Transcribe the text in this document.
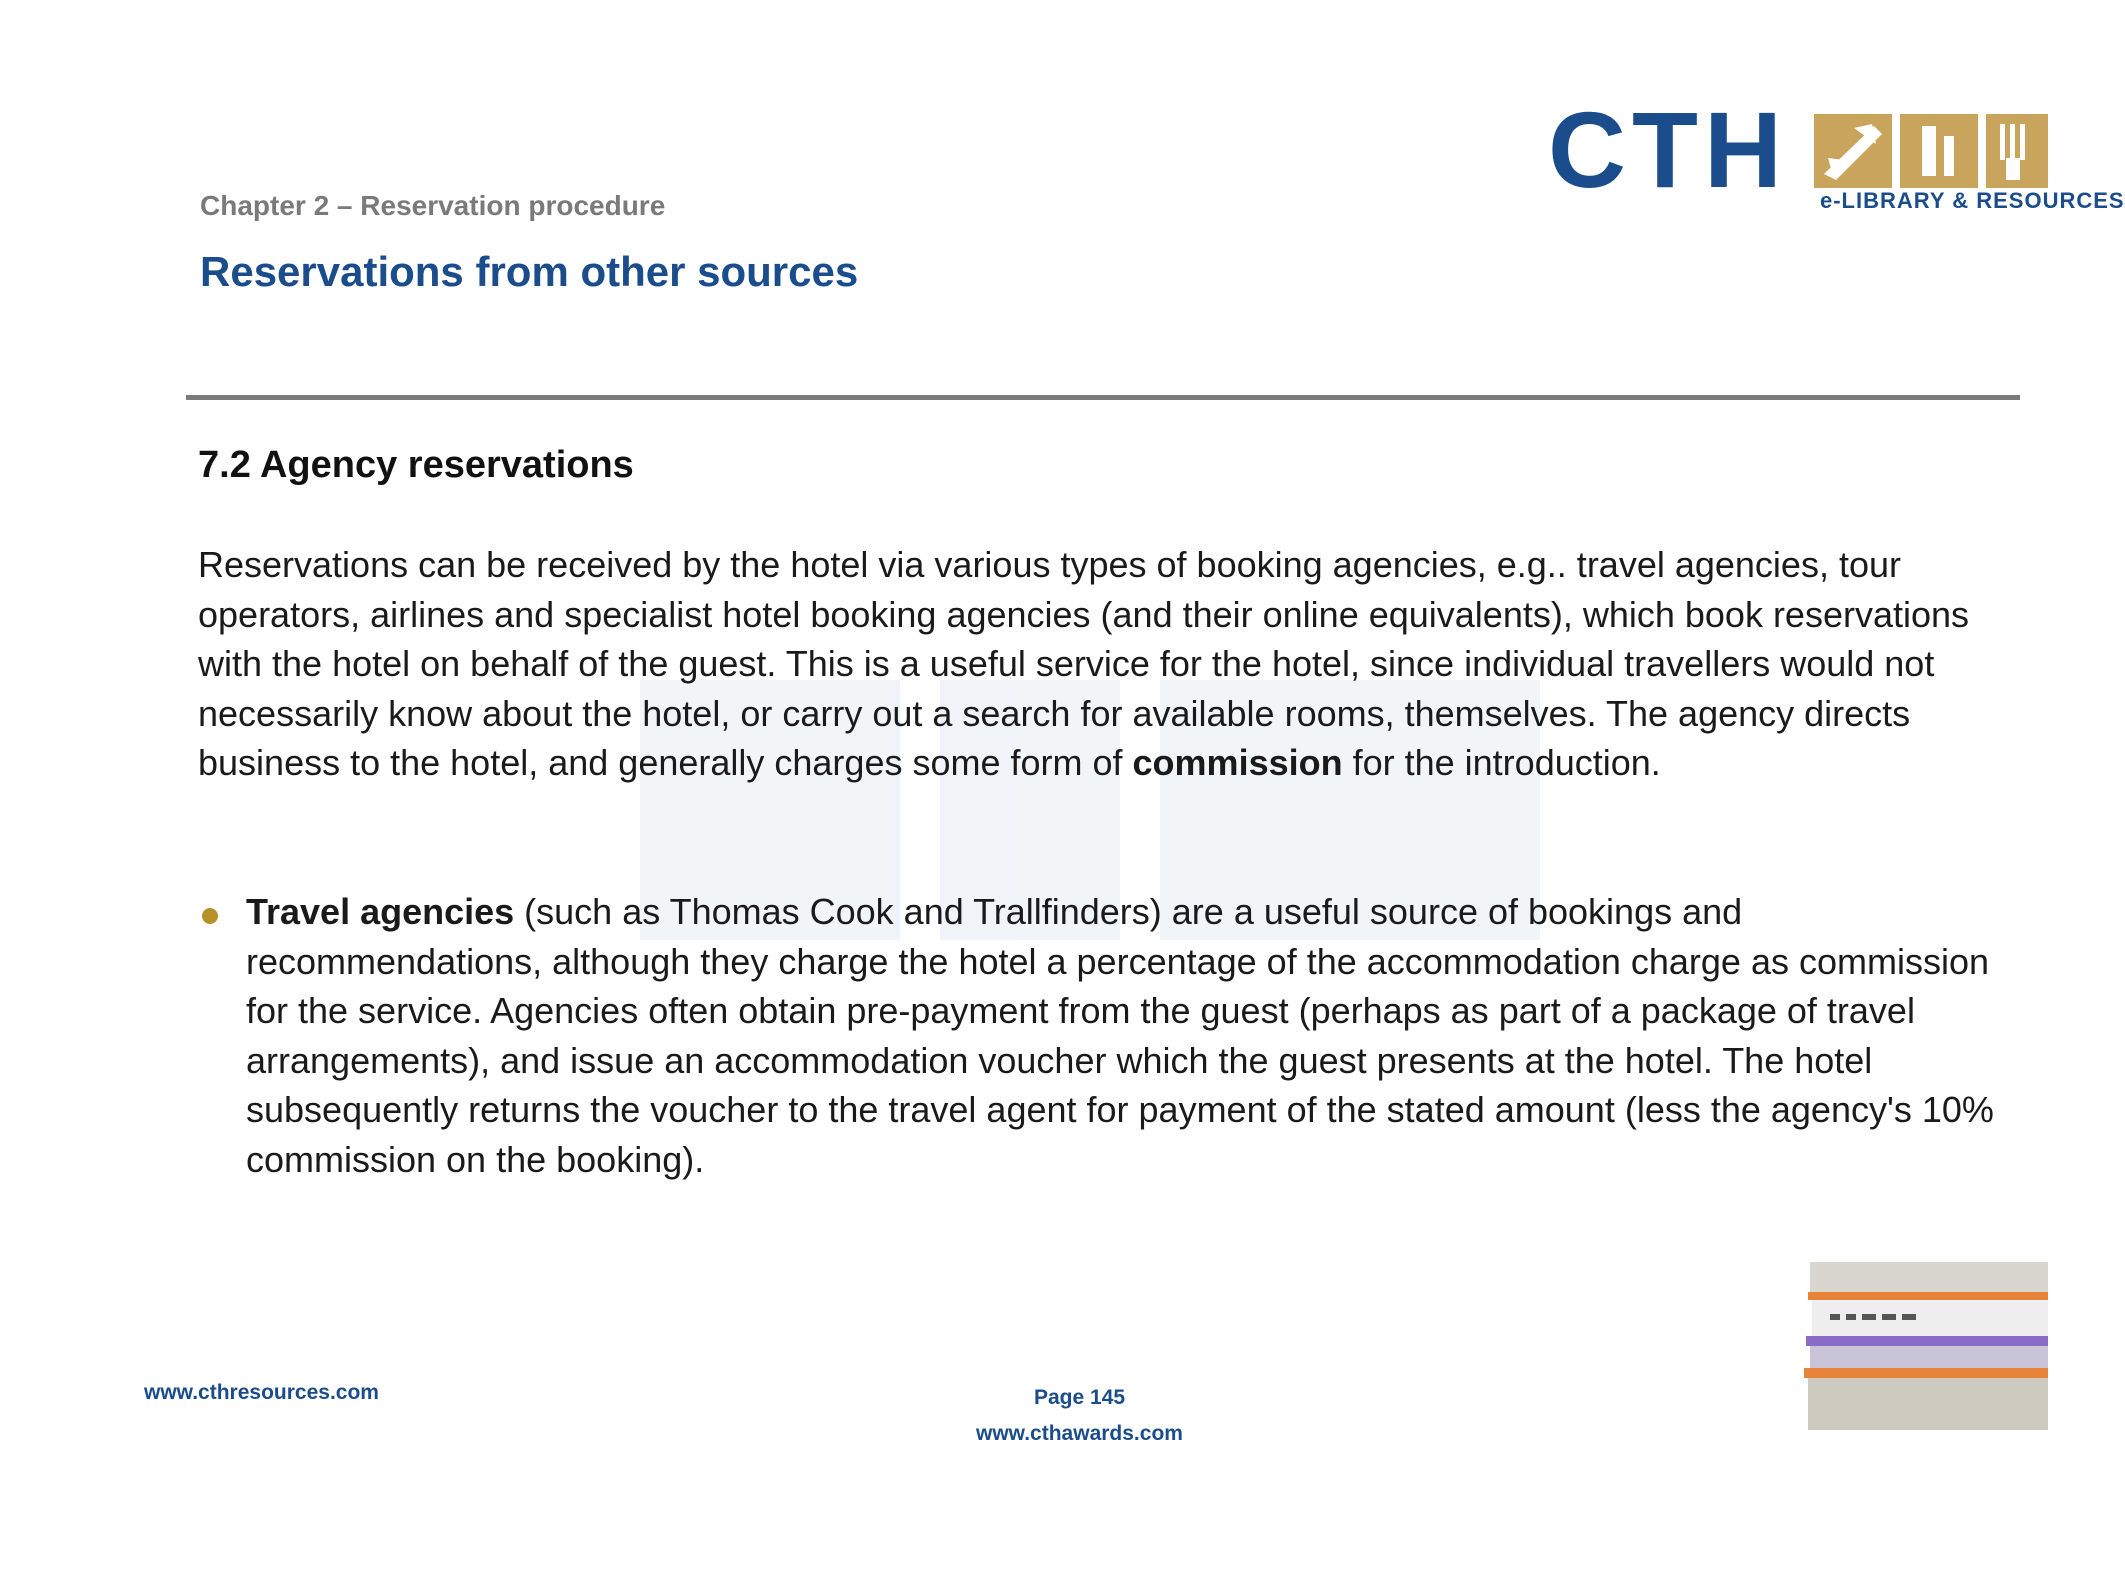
CTH e-LIBRARY & RESOURCES
Chapter 2 – Reservation procedure
Reservations from other sources
7.2 Agency reservations

Reservations can be received by the hotel via various types of booking agencies, e.g.. travel agencies, tour operators, airlines and specialist hotel booking agencies (and their online equivalents), which book reservations with the hotel on behalf of the guest. This is a useful service for the hotel, since individual travellers would not necessarily know about the hotel, or carry out a search for available rooms, themselves. The agency directs business to the hotel, and generally charges some form of commission for the introduction.

Travel agencies (such as Thomas Cook and Trallfinders) are a useful source of bookings and recommendations, although they charge the hotel a percentage of the accommodation charge as commission for the service. Agencies often obtain pre-payment from the guest (perhaps as part of a package of travel arrangements), and issue an accommodation voucher which the guest presents at the hotel. The hotel subsequently returns the voucher to the travel agent for payment of the stated amount (less the agency's 10% commission on the booking).
www.cthresources.com	Page 145
www.cthawards.com
